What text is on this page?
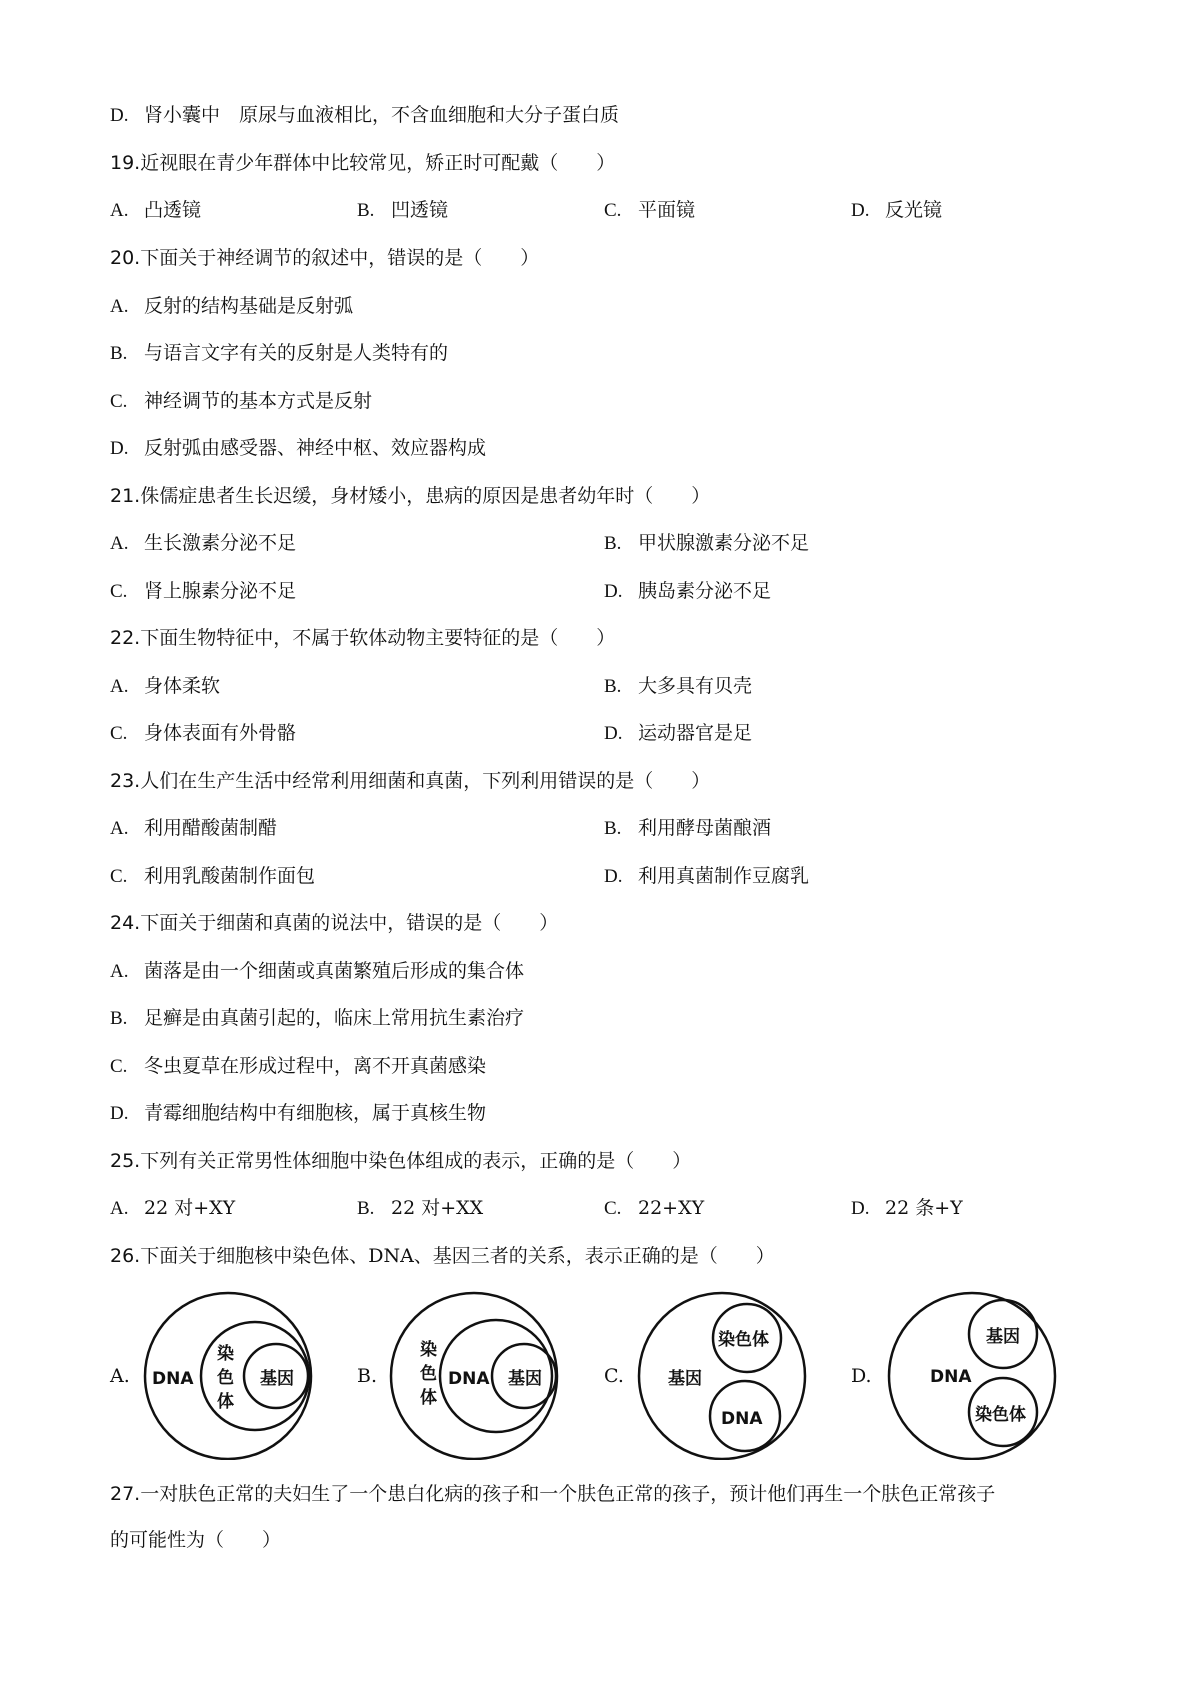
D. 肾小囊中　原尿与血液相比，不含血细胞和大分子蛋白质
19.近视眼在青少年群体中比较常见，矫正时可配戴（　　）
A. 凸透镜	B. 凹透镜	C. 平面镜	D. 反光镜
20.下面关于神经调节的叙述中，错误的是（　　）
A. 反射的结构基础是反射弧
B. 与语言文字有关的反射是人类特有的
C. 神经调节的基本方式是反射
D. 反射弧由感受器、神经中枢、效应器构成
21.侏儒症患者生长迟缓，身材矮小，患病的原因是患者幼年时（　　）
A. 生长激素分泌不足	B. 甲状腺激素分泌不足
C. 肾上腺素分泌不足	D. 胰岛素分泌不足
22.下面生物特征中，不属于软体动物主要特征的是（　　）
A. 身体柔软	B. 大多具有贝壳
C. 身体表面有外骨骼	D. 运动器官是足
23.人们在生产生活中经常利用细菌和真菌，下列利用错误的是（　　）
A. 利用醋酸菌制醋	B. 利用酵母菌酿酒
C. 利用乳酸菌制作面包	D. 利用真菌制作豆腐乳
24.下面关于细菌和真菌的说法中，错误的是（　　）
A. 菌落是由一个细菌或真菌繁殖后形成的集合体
B. 足癣是由真菌引起的，临床上常用抗生素治疗
C. 冬虫夏草在形成过程中，离不开真菌感染
D. 青霉细胞结构中有细胞核，属于真核生物
25.下列有关正常男性体细胞中染色体组成的表示，正确的是（　　）
A. 22 对+XY	B. 22 对+XX	C. 22+XY	D. 22 条+Y
26.下面关于细胞核中染色体、DNA、基因三者的关系，表示正确的是（　　）
A.	B.	C.	D.
DNA
染
色
体
基因
染
色
体
DNA 基因	基因
染色体
DNA
DNA
基因
染色体
27.一对肤色正常的夫妇生了一个患白化病的孩子和一个肤色正常的孩子，预计他们再生一个肤色正常孩子
的可能性为（　　）
